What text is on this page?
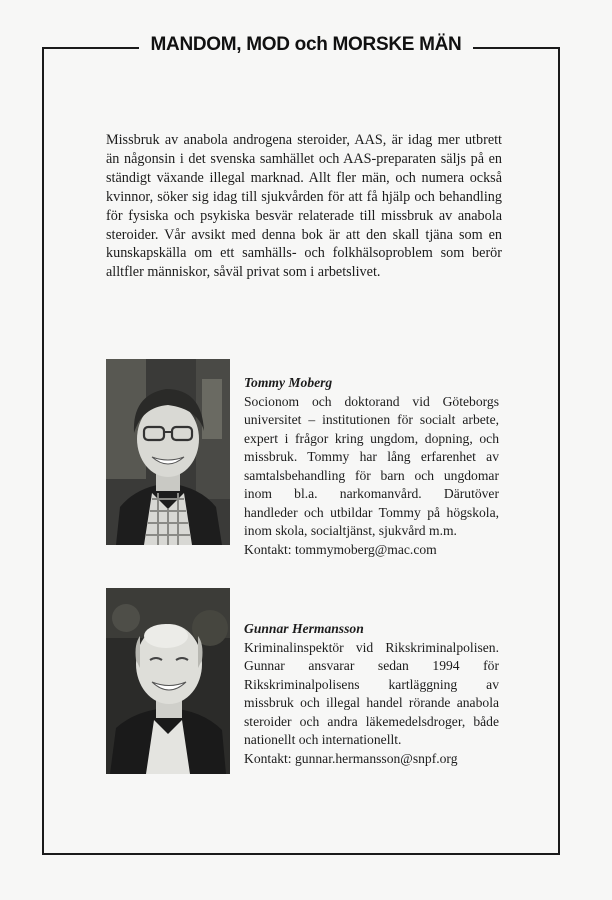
MANDOM, MOD och MORSKE MÄN

Missbruk av anabola androgena steroider, AAS, är idag mer utbrett än någonsin i det svenska samhället och AAS-preparaten säljs på en ständigt växande illegal marknad. Allt fler män, och numera också kvinnor, söker sig idag till sjukvården för att få hjälp och behandling för fysiska och psykiska besvär relaterade till missbruk av anabola steroider. Vår avsikt med denna bok är att den skall tjäna som en kunskapskälla om ett samhälls- och folkhälsoproblem som berör alltfler människor, såväl privat som i arbetslivet.

Tommy Moberg
Socionom och doktorand vid Göteborgs universitet – institutionen för socialt arbete, expert i frågor kring ungdom, dopning, och missbruk. Tommy har lång erfarenhet av samtalsbehandling för barn och ungdomar inom bl.a. narkomanvård. Därutöver handleder och utbildar Tommy på högskola, inom skola, socialtjänst, sjukvård m.m.
Kontakt: tommymoberg@mac.com
Gunnar Hermansson
Kriminalinspektör vid Rikskriminalpolisen. Gunnar ansvarar sedan 1994 för Rikskriminalpolisens kartläggning av missbruk och illegal handel rörande anabola steroider och andra läkemedelsdroger, både nationellt och internationellt.
Kontakt: gunnar.hermansson@snpf.org
